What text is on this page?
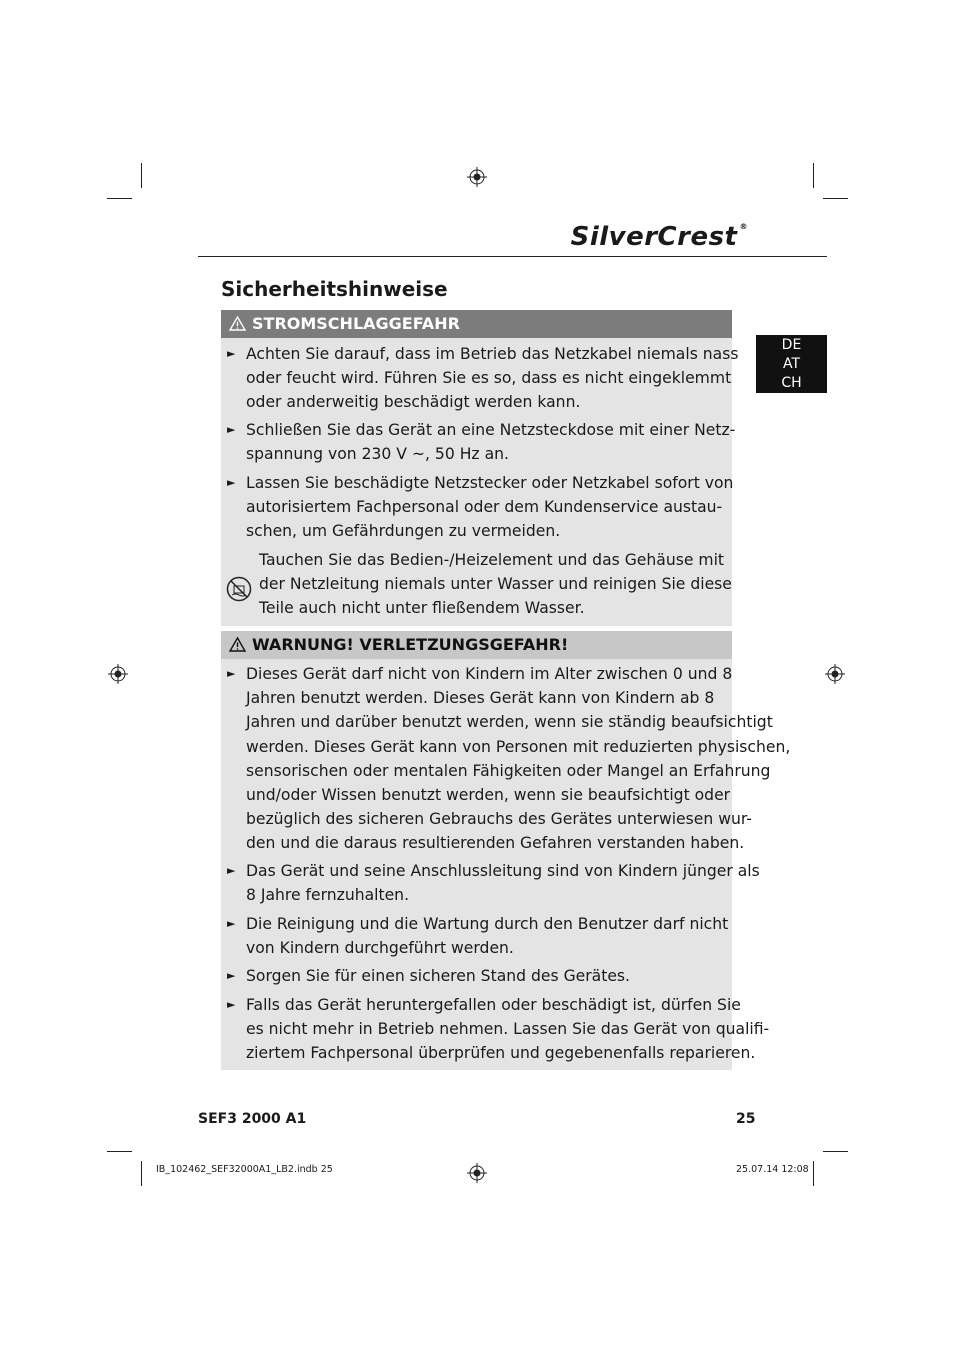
SilverCrest ®
Sicherheitshinweise
DE
AT
CH
STROMSCHLAGGEFAHR
► Achten Sie darauf, dass im Betrieb das Netzkabel niemals nass
oder feucht wird. Führen Sie es so, dass es nicht eingeklemmt
oder anderweitig beschädigt werden kann.
► Schließen Sie das Gerät an eine Netzsteckdose mit einer Netz-
spannung von 230 V ~, 50 Hz an.
► Lassen Sie beschädigte Netzstecker oder Netzkabel sofort von
autorisiertem Fachpersonal oder dem Kundenservice austau-
schen, um Gefährdungen zu vermeiden.
Tauchen Sie das Bedien-/Heizelement und das Gehäuse mit
der Netzleitung niemals unter Wasser und reinigen Sie diese
Teile auch nicht unter fließendem Wasser.
WARNUNG! VERLETZUNGSGEFAHR!
► Dieses Gerät darf nicht von Kindern im Alter zwischen 0 und 8
Jahren benutzt werden. Dieses Gerät kann von Kindern ab 8
Jahren und darüber benutzt werden, wenn sie ständig beaufsichtigt
werden. Dieses Gerät kann von Personen mit reduzierten physischen,
sensorischen oder mentalen Fähigkeiten oder Mangel an Erfahrung
und/oder Wissen benutzt werden, wenn sie beaufsichtigt oder
bezüglich des sicheren Gebrauchs des Gerätes unterwiesen wur-
den und die daraus resultierenden Gefahren verstanden haben.
► Das Gerät und seine Anschlussleitung sind von Kindern jünger als
8 Jahre fernzuhalten.
► Die Reinigung und die Wartung durch den Benutzer darf nicht
von Kindern durchgeführt werden.
► Sorgen Sie für einen sicheren Stand des Gerätes.
► Falls das Gerät heruntergefallen oder beschädigt ist, dürfen Sie
es nicht mehr in Betrieb nehmen. Lassen Sie das Gerät von qualifi-
ziertem Fachpersonal überprüfen und gegebenenfalls reparieren.
SEF3 2000 A1	25
IB_102462_SEF32000A1_LB2.indb 25	25.07.14 12:08
